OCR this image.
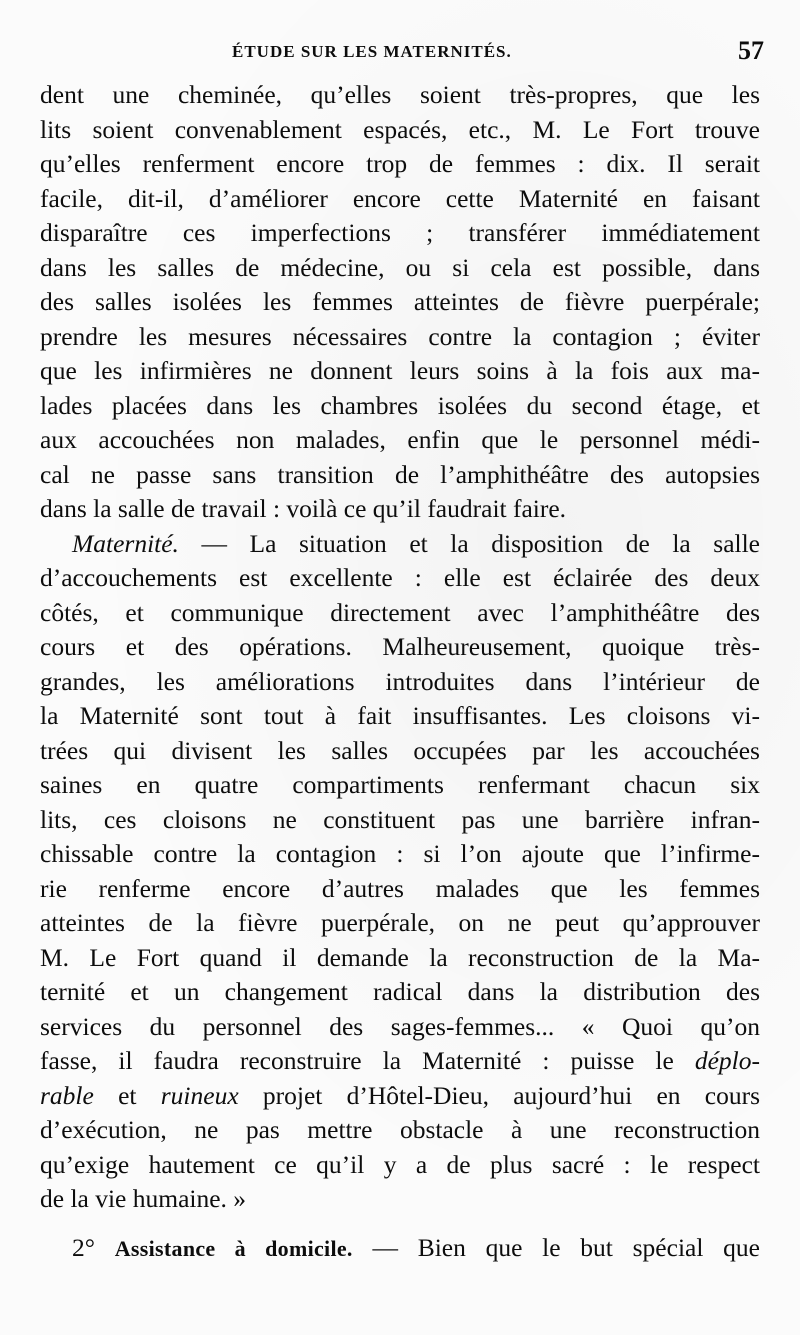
ÉTUDE SUR LES MATERNITÉS.	57
dent une cheminée, qu’elles soient très-propres, que les
lits soient convenablement espacés, etc., M. Le Fort trouve
qu’elles renferment encore trop de femmes : dix. Il serait
facile, dit-il, d’améliorer encore cette Maternité en faisant
disparaître ces imperfections ; transférer immédiatement
dans les salles de médecine, ou si cela est possible, dans
des salles isolées les femmes atteintes de fièvre puerpérale;
prendre les mesures nécessaires contre la contagion ; éviter
que les infirmières ne donnent leurs soins à la fois aux ma-
lades placées dans les chambres isolées du second étage, et
aux accouchées non malades, enfin que le personnel médi-
cal ne passe sans transition de l’amphithéâtre des autopsies
dans la salle de travail : voilà ce qu’il faudrait faire.
Maternité. — La situation et la disposition de la salle
d’accouchements est excellente : elle est éclairée des deux
côtés, et communique directement avec l’amphithéâtre des
cours et des opérations. Malheureusement, quoique très-
grandes, les améliorations introduites dans l’intérieur de
la Maternité sont tout à fait insuffisantes. Les cloisons vi-
trées qui divisent les salles occupées par les accouchées
saines en quatre compartiments renfermant chacun six
lits, ces cloisons ne constituent pas une barrière infran-
chissable contre la contagion : si l’on ajoute que l’infirme-
rie renferme encore d’autres malades que les femmes
atteintes de la fièvre puerpérale, on ne peut qu’approuver
M. Le Fort quand il demande la reconstruction de la Ma-
ternité et un changement radical dans la distribution des
services du personnel des sages-femmes... « Quoi qu’on
fasse, il faudra reconstruire la Maternité : puisse le déplo-
rable et ruineux projet d’Hôtel-Dieu, aujourd’hui en cours
d’exécution, ne pas mettre obstacle à une reconstruction
qu’exige hautement ce qu’il y a de plus sacré : le respect
de la vie humaine. »
2° Assistance à domicile. — Bien que le but spécial que
